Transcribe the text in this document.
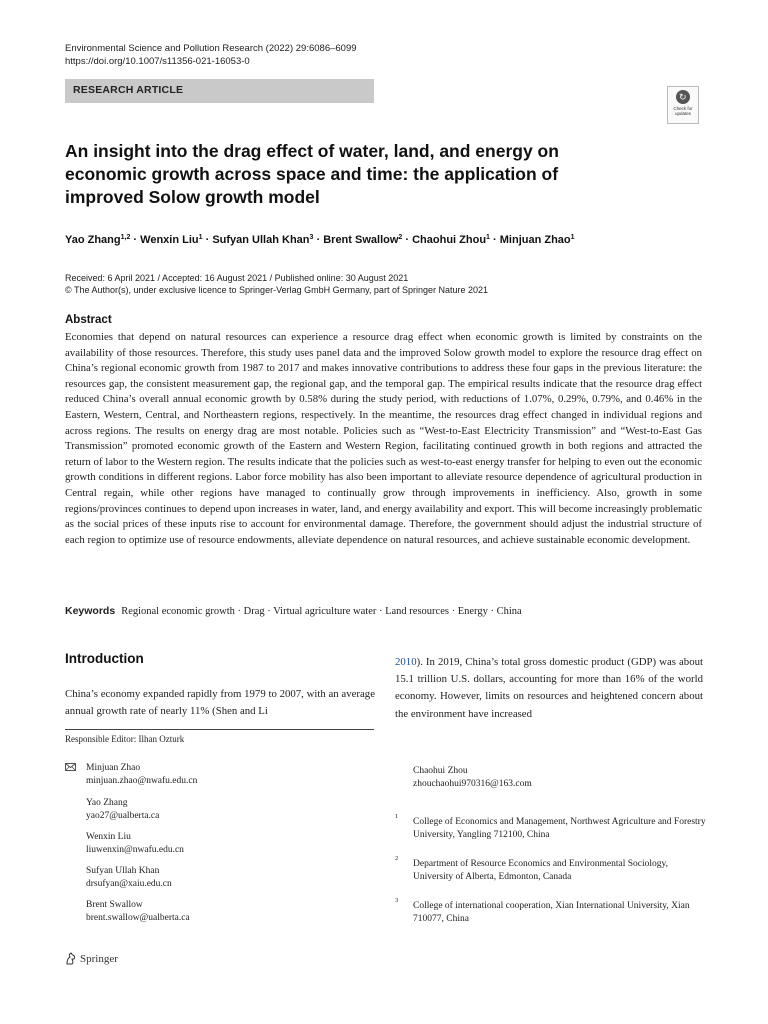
Environmental Science and Pollution Research (2022) 29:6086–6099
https://doi.org/10.1007/s11356-021-16053-0
RESEARCH ARTICLE
↻
Check for updates
An insight into the drag effect of water, land, and energy on economic growth across space and time: the application of improved Solow growth model
Yao Zhang$^{1,2}$ · Wenxin Liu$^1$ · Sufyan Ullah Khan$^3$ · Brent Swallow$^2$ · Chaohui Zhou$^1$ · Minjuan Zhao$^1$
Received: 6 April 2021 / Accepted: 16 August 2021 / Published online: 30 August 2021
© The Author(s), under exclusive licence to Springer-Verlag GmbH Germany, part of Springer Nature 2021
Abstract
Economies that depend on natural resources can experience a resource drag effect when economic growth is limited by constraints on the availability of those resources. Therefore, this study uses panel data and the improved Solow growth model to explore the resource drag effect on China’s regional economic growth from 1987 to 2017 and makes innovative contributions to address these four gaps in the previous literature: the resources gap, the consistent measurement gap, the regional gap, and the temporal gap. The empirical results indicate that the resource drag effect reduced China’s overall annual economic growth by 0.58% during the study period, with reductions of 1.07%, 0.29%, 0.79%, and 0.46% in the Eastern, Western, Central, and Northeastern regions, respectively. In the meantime, the resources drag effect changed in individual regions and across regions. The results on energy drag are most notable. Policies such as “West-to-East Electricity Transmission” and “West-to-East Gas Transmission” promoted economic growth of the Eastern and Western Region, facilitating continued growth in both regions and attracted the return of labor to the Western region. The results indicate that the policies such as west-to-east energy transfer for helping to even out the economic growth conditions in different regions. Labor force mobility has also been important to alleviate resource dependence of agricultural production in Central regain, while other regions have managed to continually grow through improvements in inefficiency. Also, growth in some regions/provinces continues to depend upon increases in water, land, and energy availability and export. This will become increasingly problematic as the social prices of these inputs rise to account for environmental damage. Therefore, the government should adjust the industrial structure of each region to optimize use of resource endowments, alleviate dependence on natural resources, and achieve sustainable economic development.
Keywords Regional economic growth · Drag · Virtual agriculture water · Land resources · Energy · China
Introduction
China’s economy expanded rapidly from 1979 to 2007, with an average annual growth rate of nearly 11% (Shen and Li
2010). In 2019, China’s total gross domestic product (GDP) was about 15.1 trillion U.S. dollars, accounting for more than 16% of the world economy. However, limits on resources and heightened concern about the environment have increased
Responsible Editor: Ilhan Ozturk
Minjuan Zhao
minjuan.zhao@nwafu.edu.cn
Yao Zhang
yao27@ualberta.ca
Wenxin Liu
liuwenxin@nwafu.edu.cn
Sufyan Ullah Khan
drsufyan@xaiu.edu.cn
Brent Swallow
brent.swallow@ualberta.ca
Chaohui Zhou
zhouchaohui970316@163.com
1
College of Economics and Management, Northwest Agriculture and Forestry University, Yangling 712100, China
2
Department of Resource Economics and Environmental Sociology, University of Alberta, Edmonton, Canada
3
College of international cooperation, Xian International University, Xian 710077, China
Springer
